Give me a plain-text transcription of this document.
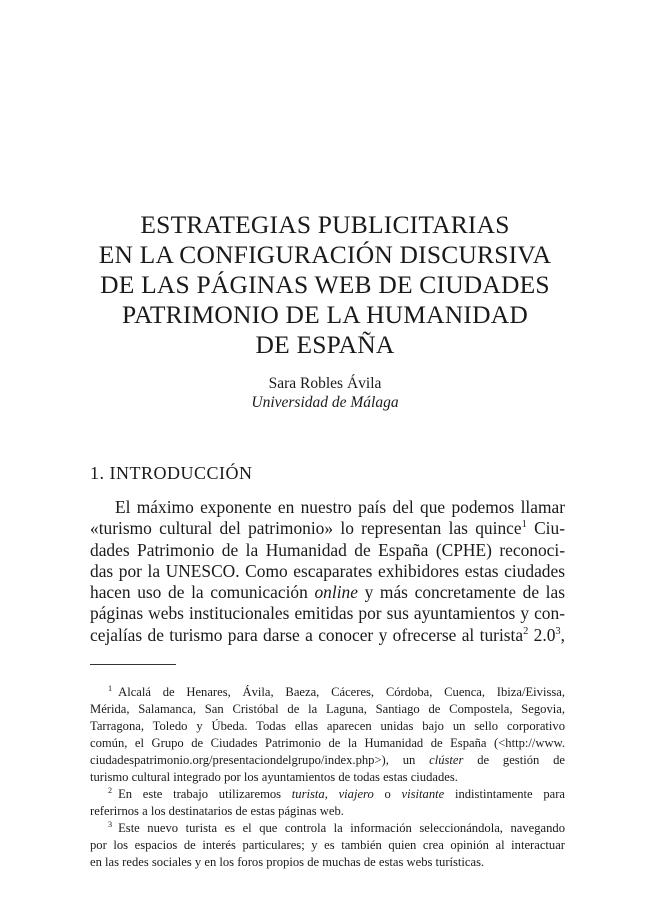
ESTRATEGIAS PUBLICITARIAS
EN LA CONFIGURACIÓN DISCURSIVA
DE LAS PÁGINAS WEB DE CIUDADES
PATRIMONIO DE LA HUMANIDAD
DE ESPAÑA
Sara Robles Ávila
Universidad de Málaga
1. INTRODUCCIÓN
El máximo exponente en nuestro país del que podemos llamar
«turismo cultural del patrimonio» lo representan las quince$^1$ Ciu-
dades Patrimonio de la Humanidad de España (CPHE) reconoci-
das por la UNESCO. Como escaparates exhibidores estas ciudades
hacen uso de la comunicación online y más concretamente de las
páginas webs institucionales emitidas por sus ayuntamientos y con-
cejalías de turismo para darse a conocer y ofrecerse al turista$^2$ $2.0^3$,
$^1$ Alcalá de Henares, Ávila, Baeza, Cáceres, Córdoba, Cuenca, Ibiza/Eivissa,
Mérida, Salamanca, San Cristóbal de la Laguna, Santiago de Compostela, Segovia,
Tarragona, Toledo y Úbeda. Todas ellas aparecen unidas bajo un sello corporativo
común, el Grupo de Ciudades Patrimonio de la Humanidad de España (<http://www.
ciudadespatrimonio.org/presentaciondelgrupo/index.php>), un clúster de gestión de
turismo cultural integrado por los ayuntamientos de todas estas ciudades.
$^2$ En este trabajo utilizaremos turista, viajero o visitante indistintamente para
referirnos a los destinatarios de estas páginas web.
$^3$ Este nuevo turista es el que controla la información seleccionándola, navegando
por los espacios de interés particulares; y es también quien crea opinión al interactuar
en las redes sociales y en los foros propios de muchas de estas webs turísticas.
